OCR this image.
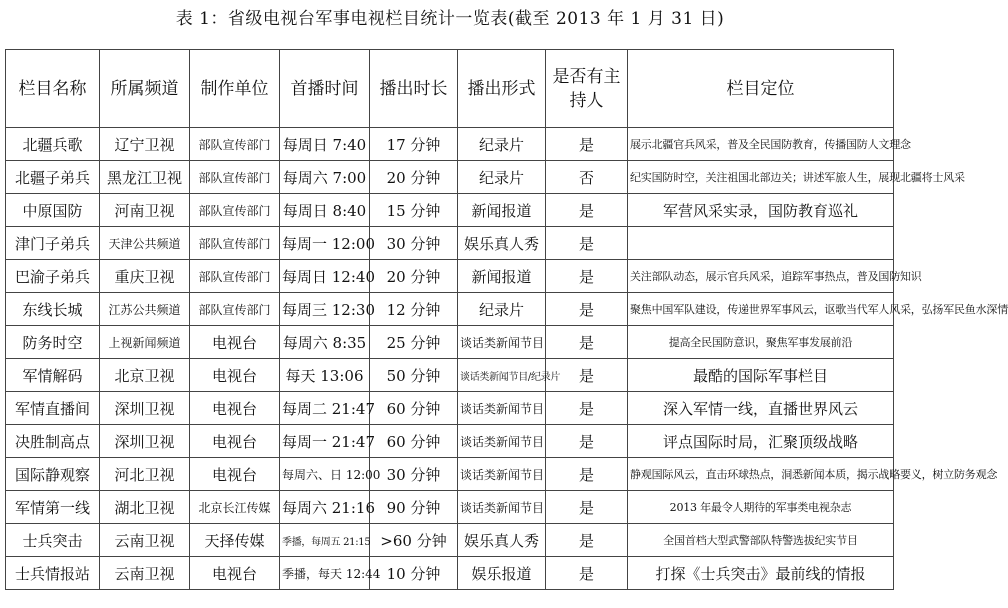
表 1：省级电视台军事电视栏目统计一览表(截至 2013 年 1 月 31 日)
栏目名称	所属频道	制作单位	首播时间	播出时长	播出形式	是否有主持人	栏目定位
北疆兵歌	辽宁卫视	部队宣传部门	每周日 7:40	17 分钟	纪录片	是	展示北疆官兵风采，普及全民国防教育，传播国防人文理念
北疆子弟兵	黑龙江卫视	部队宣传部门	每周六 7:00	20 分钟	纪录片	否	纪实国防时空，关注祖国北部边关；讲述军旅人生，展现北疆将士风采
中原国防	河南卫视	部队宣传部门	每周日 8:40	15 分钟	新闻报道	是	军营风采实录，国防教育巡礼
津门子弟兵	天津公共频道	部队宣传部门	每周一 12:00	30 分钟	娱乐真人秀	是	
巴渝子弟兵	重庆卫视	部队宣传部门	每周日 12:40	20 分钟	新闻报道	是	关注部队动态，展示官兵风采，追踪军事热点，普及国防知识
东线长城	江苏公共频道	部队宣传部门	每周三 12:30	12 分钟	纪录片	是	聚焦中国军队建设，传递世界军事风云，讴歌当代军人风采，弘扬军民鱼水深情
防务时空	上视新闻频道	电视台	每周六 8:35	25 分钟	谈话类新闻节目	是	提高全民国防意识，聚焦军事发展前沿
军情解码	北京卫视	电视台	每天 13:06	50 分钟	谈话类新闻节目/纪录片	是	最酷的国际军事栏目
军情直播间	深圳卫视	电视台	每周二 21:47	60 分钟	谈话类新闻节目	是	深入军情一线，直播世界风云
决胜制高点	深圳卫视	电视台	每周一 21:47	60 分钟	谈话类新闻节目	是	评点国际时局，汇聚顶级战略
国际静观察	河北卫视	电视台	每周六、日 12:00	30 分钟	谈话类新闻节目	是	静观国际风云，直击环球热点，洞悉新闻本质，揭示战略要义，树立防务观念
军情第一线	湖北卫视	北京长江传媒	每周六 21:16	90 分钟	谈话类新闻节目	是	2013 年最令人期待的军事类电视杂志
士兵突击	云南卫视	天择传媒	季播，每周五 21:15	>60 分钟	娱乐真人秀	是	全国首档大型武警部队特警选拔纪实节目
士兵情报站	云南卫视	电视台	季播，每天 12:44	10 分钟	娱乐报道	是	打探《士兵突击》最前线的情报
